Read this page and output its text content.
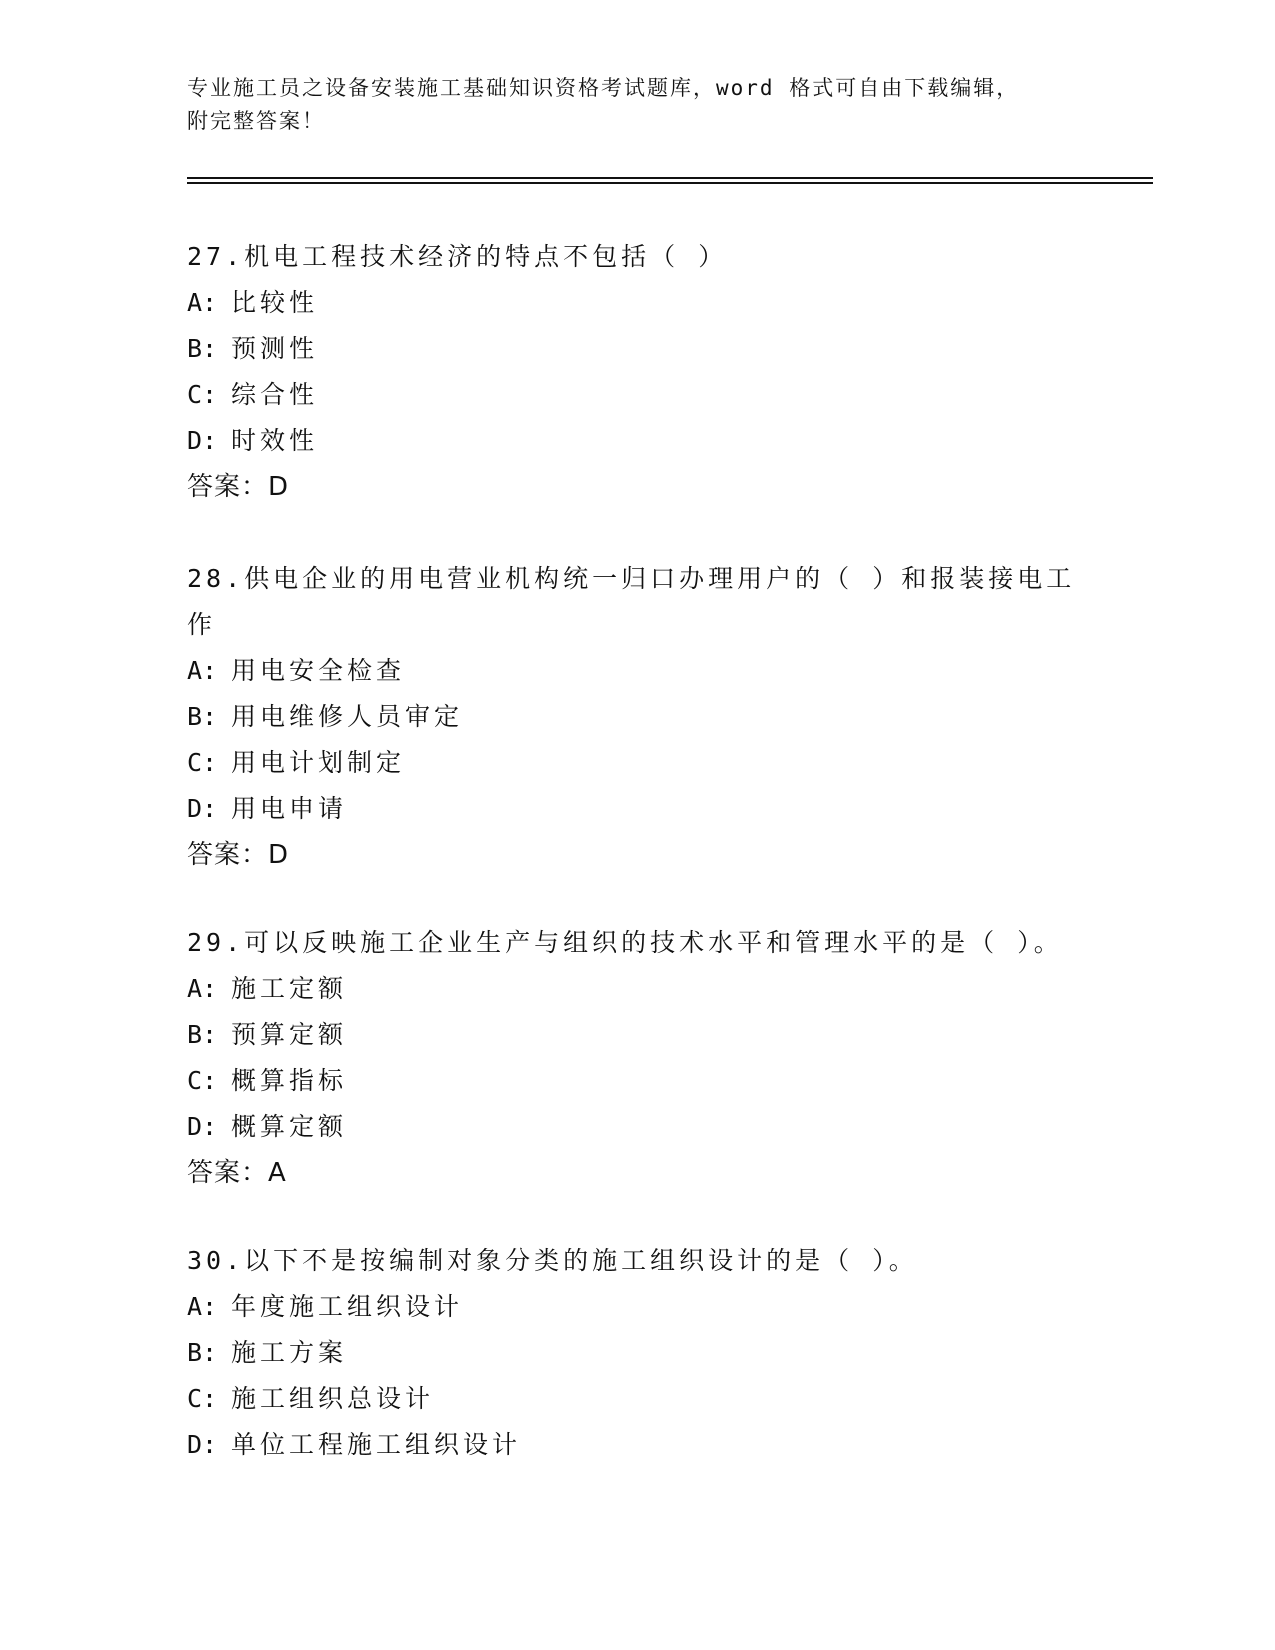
专业施工员之设备安装施工基础知识资格考试题库，word 格式可自由下载编辑，
附完整答案！
27.机电工程技术经济的特点不包括（ ）
A: 比较性
B: 预测性
C: 综合性
D: 时效性
答案：D
28.供电企业的用电营业机构统一归口办理用户的（ ）和报装接电工
作
A: 用电安全检查
B: 用电维修人员审定
C: 用电计划制定
D: 用电申请
答案：D
29.可以反映施工企业生产与组织的技术水平和管理水平的是（ ）。
A: 施工定额
B: 预算定额
C: 概算指标
D: 概算定额
答案：A
30.以下不是按编制对象分类的施工组织设计的是（ ）。
A: 年度施工组织设计
B: 施工方案
C: 施工组织总设计
D: 单位工程施工组织设计
